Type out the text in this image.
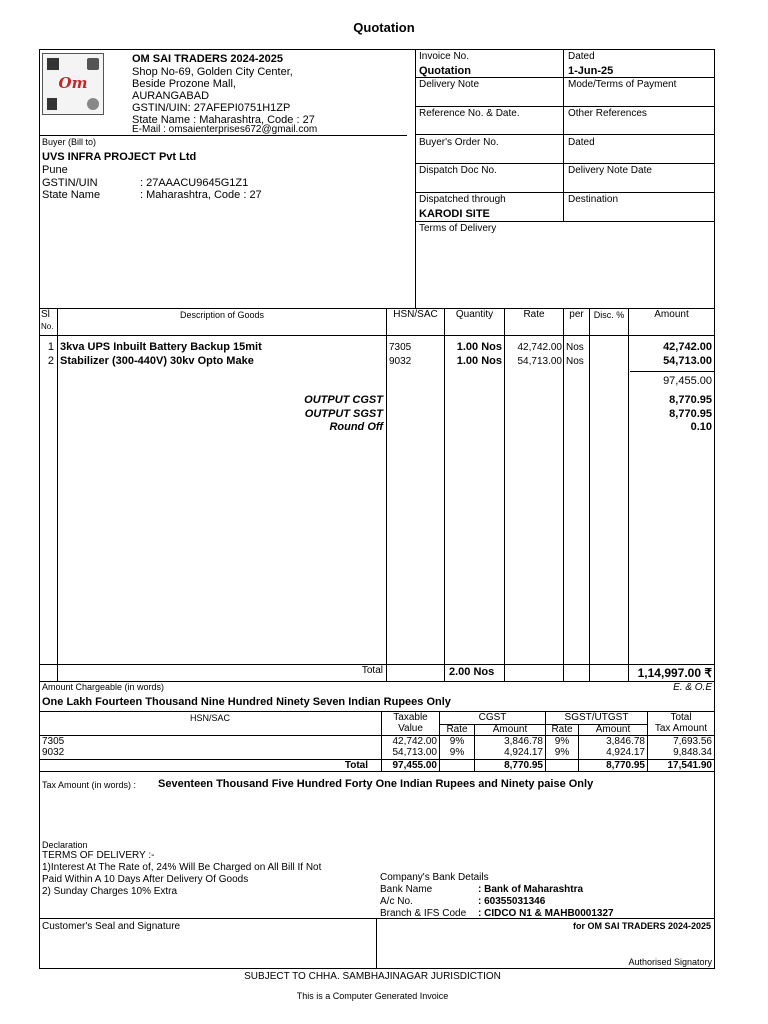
Quotation
Om
OM SAI TRADERS 2024-2025
Shop No-69, Golden City Center,
Beside Prozone Mall,
AURANGABAD
GSTIN/UIN: 27AFEPI0751H1ZP
State Name : Maharashtra, Code : 27
E-Mail : omsaienterprises672@gmail.com
Buyer (Bill to)
UVS INFRA PROJECT Pvt Ltd
Pune
GSTIN/UIN	: 27AAACU9645G1Z1
State Name	: Maharashtra, Code : 27
Invoice No.
Quotation
Dated
1-Jun-25
Delivery Note	Mode/Terms of Payment
Reference No. & Date.	Other References
Buyer's Order No.	Dated
Dispatch Doc No.	Delivery Note Date
Dispatched through
KARODI SITE
Destination
Terms of Delivery
Sl
No.
Description of Goods	HSN/SAC	Quantity	Rate	per	Disc. %	Amount
1 3kva UPS Inbuilt Battery Backup 15mit	7305	1.00 Nos	42,742.00 Nos	42,742.00
2 Stabilizer (300-440V) 30kv Opto Make	9032	1.00 Nos	54,713.00 Nos	54,713.00
97,455.00
OUTPUT CGST	8,770.95
OUTPUT SGST	8,770.95
Round Off	0.10
Total	2.00 Nos	1,14,997.00 ₹
Amount Chargeable (in words)	E. & O.E
One Lakh Fourteen Thousand Nine Hundred Ninety Seven Indian Rupees Only
HSN/SAC	Taxable
Value
CGST
Rate	Amount
SGST/UTGST
Rate	Amount
Total
Tax Amount
7305	42,742.00	9%	3,846.78	9%	3,846.78	7,693.56
9032	54,713.00	9%	4,924.17	9%	4,924.17	9,848.34
Total	97,455.00	8,770.95	8,770.95	17,541.90
Tax Amount (in words) : Seventeen Thousand Five Hundred Forty One Indian Rupees and Ninety paise Only
Declaration
TERMS OF DELIVERY :-
1)Interest At The Rate of, 24% Will Be Charged on All Bill If Not
Paid Within A 10 Days After Delivery Of Goods
2) Sunday Charges 10% Extra
Company's Bank Details
Bank Name	: Bank of Maharashtra
A/c No.	: 60355031346
Branch & IFS Code : CIDCO N1 & MAHB0001327
Customer's Seal and Signature	for OM SAI TRADERS 2024-2025
Authorised Signatory
SUBJECT TO CHHA. SAMBHAJINAGAR JURISDICTION
This is a Computer Generated Invoice
